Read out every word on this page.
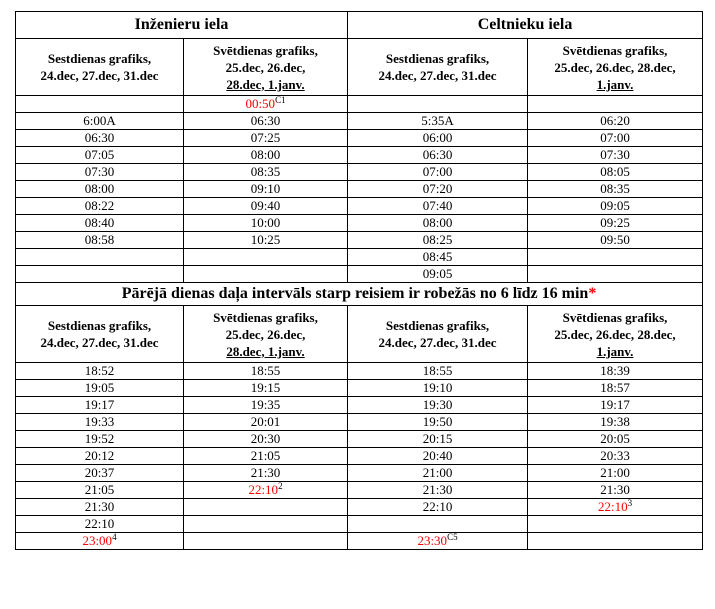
Inženieru iela		Celtnieku iela	
Sestdienas grafiks,
24.dec, 27.dec, 31.dec	Svētdienas grafiks,
25.dec, 26.dec,
28.dec, 1.janv.	Sestdienas grafiks,
24.dec, 27.dec, 31.dec	Svētdienas grafiks,
25.dec, 26.dec, 28.dec,
1.janv.
	$00:50^{C1}$		
6:00A	06:30	5:35A	06:20
06:30	07:25	06:00	07:00
07:05	08:00	06:30	07:30
07:30	08:35	07:00	08:05
08:00	09:10	07:20	08:35
08:22	09:40	07:40	09:05
08:40	10:00	08:00	09:25
08:58	10:25	08:25	09:50
		08:45	
		09:05	
Pārējā dienas daļa intervāls starp reisiem ir robežās no 6 līdz 16 min*			
Sestdienas grafiks,
24.dec, 27.dec, 31.dec	Svētdienas grafiks,
25.dec, 26.dec,
28.dec, 1.janv.	Sestdienas grafiks,
24.dec, 27.dec, 31.dec	Svētdienas grafiks,
25.dec, 26.dec, 28.dec,
1.janv.
18:52	18:55	18:55	18:39
19:05	19:15	19:10	18:57
19:17	19:35	19:30	19:17
19:33	20:01	19:50	19:38
19:52	20:30	20:15	20:05
20:12	21:05	20:40	20:33
20:37	21:30	21:00	21:00
21:05	$22:10^2$	21:30	21:30
21:30		22:10	$22:10^3$
22:10			
$23:00^4$		$23:30^{C5}$	
